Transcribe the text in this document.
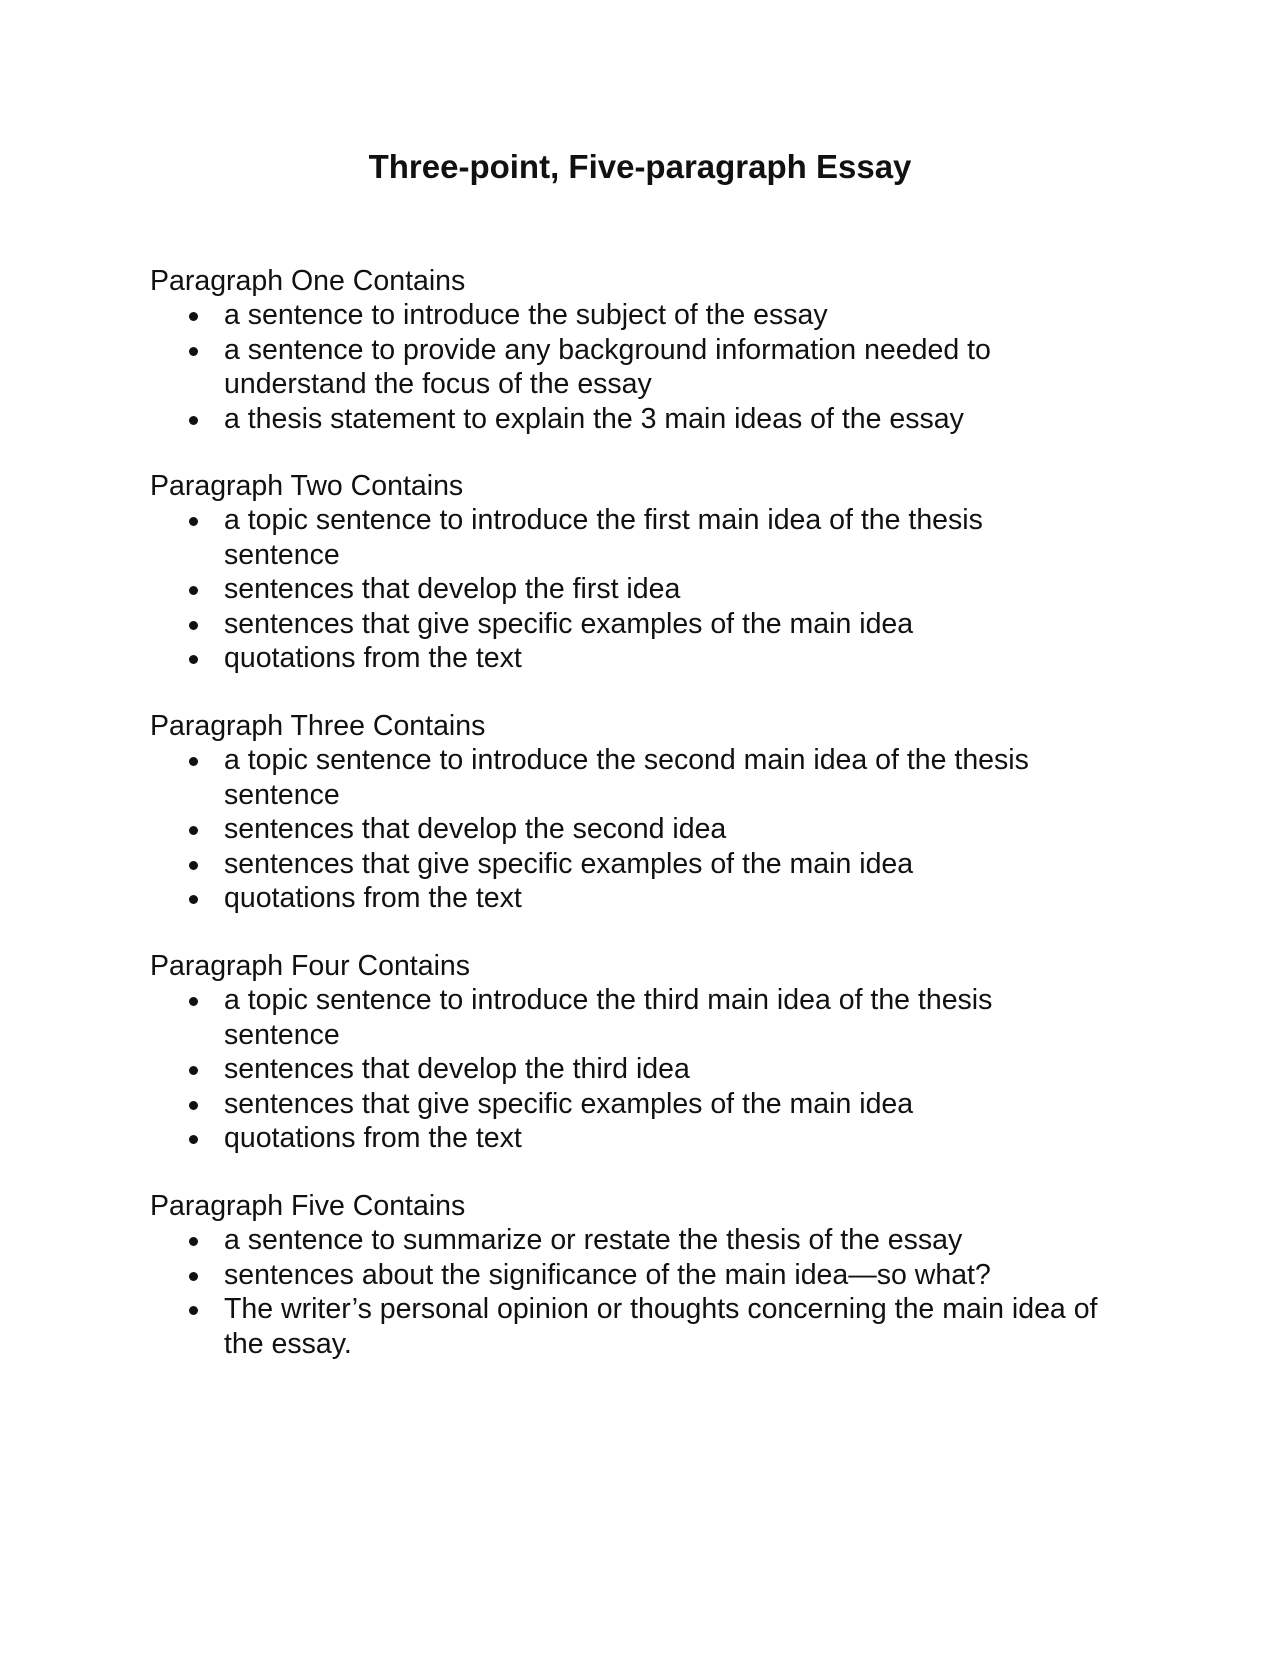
Three-point, Five-paragraph Essay

Paragraph One Contains

a sentence to introduce the subject of the essay
a sentence to provide any background information needed to understand the focus of the essay
a thesis statement to explain the 3 main ideas of the essay

Paragraph Two Contains

a topic sentence to introduce the first main idea of the thesis sentence
sentences that develop the first idea
sentences that give specific examples of the main idea
quotations from the text

Paragraph Three Contains

a topic sentence to introduce the second main idea of the thesis sentence
sentences that develop the second idea
sentences that give specific examples of the main idea
quotations from the text

Paragraph Four Contains

a topic sentence to introduce the third main idea of the thesis sentence
sentences that develop the third idea
sentences that give specific examples of the main idea
quotations from the text

Paragraph Five Contains

a sentence to summarize or restate the thesis of the essay
sentences about the significance of the main idea—so what?
The writer’s personal opinion or thoughts concerning the main idea of the essay.
